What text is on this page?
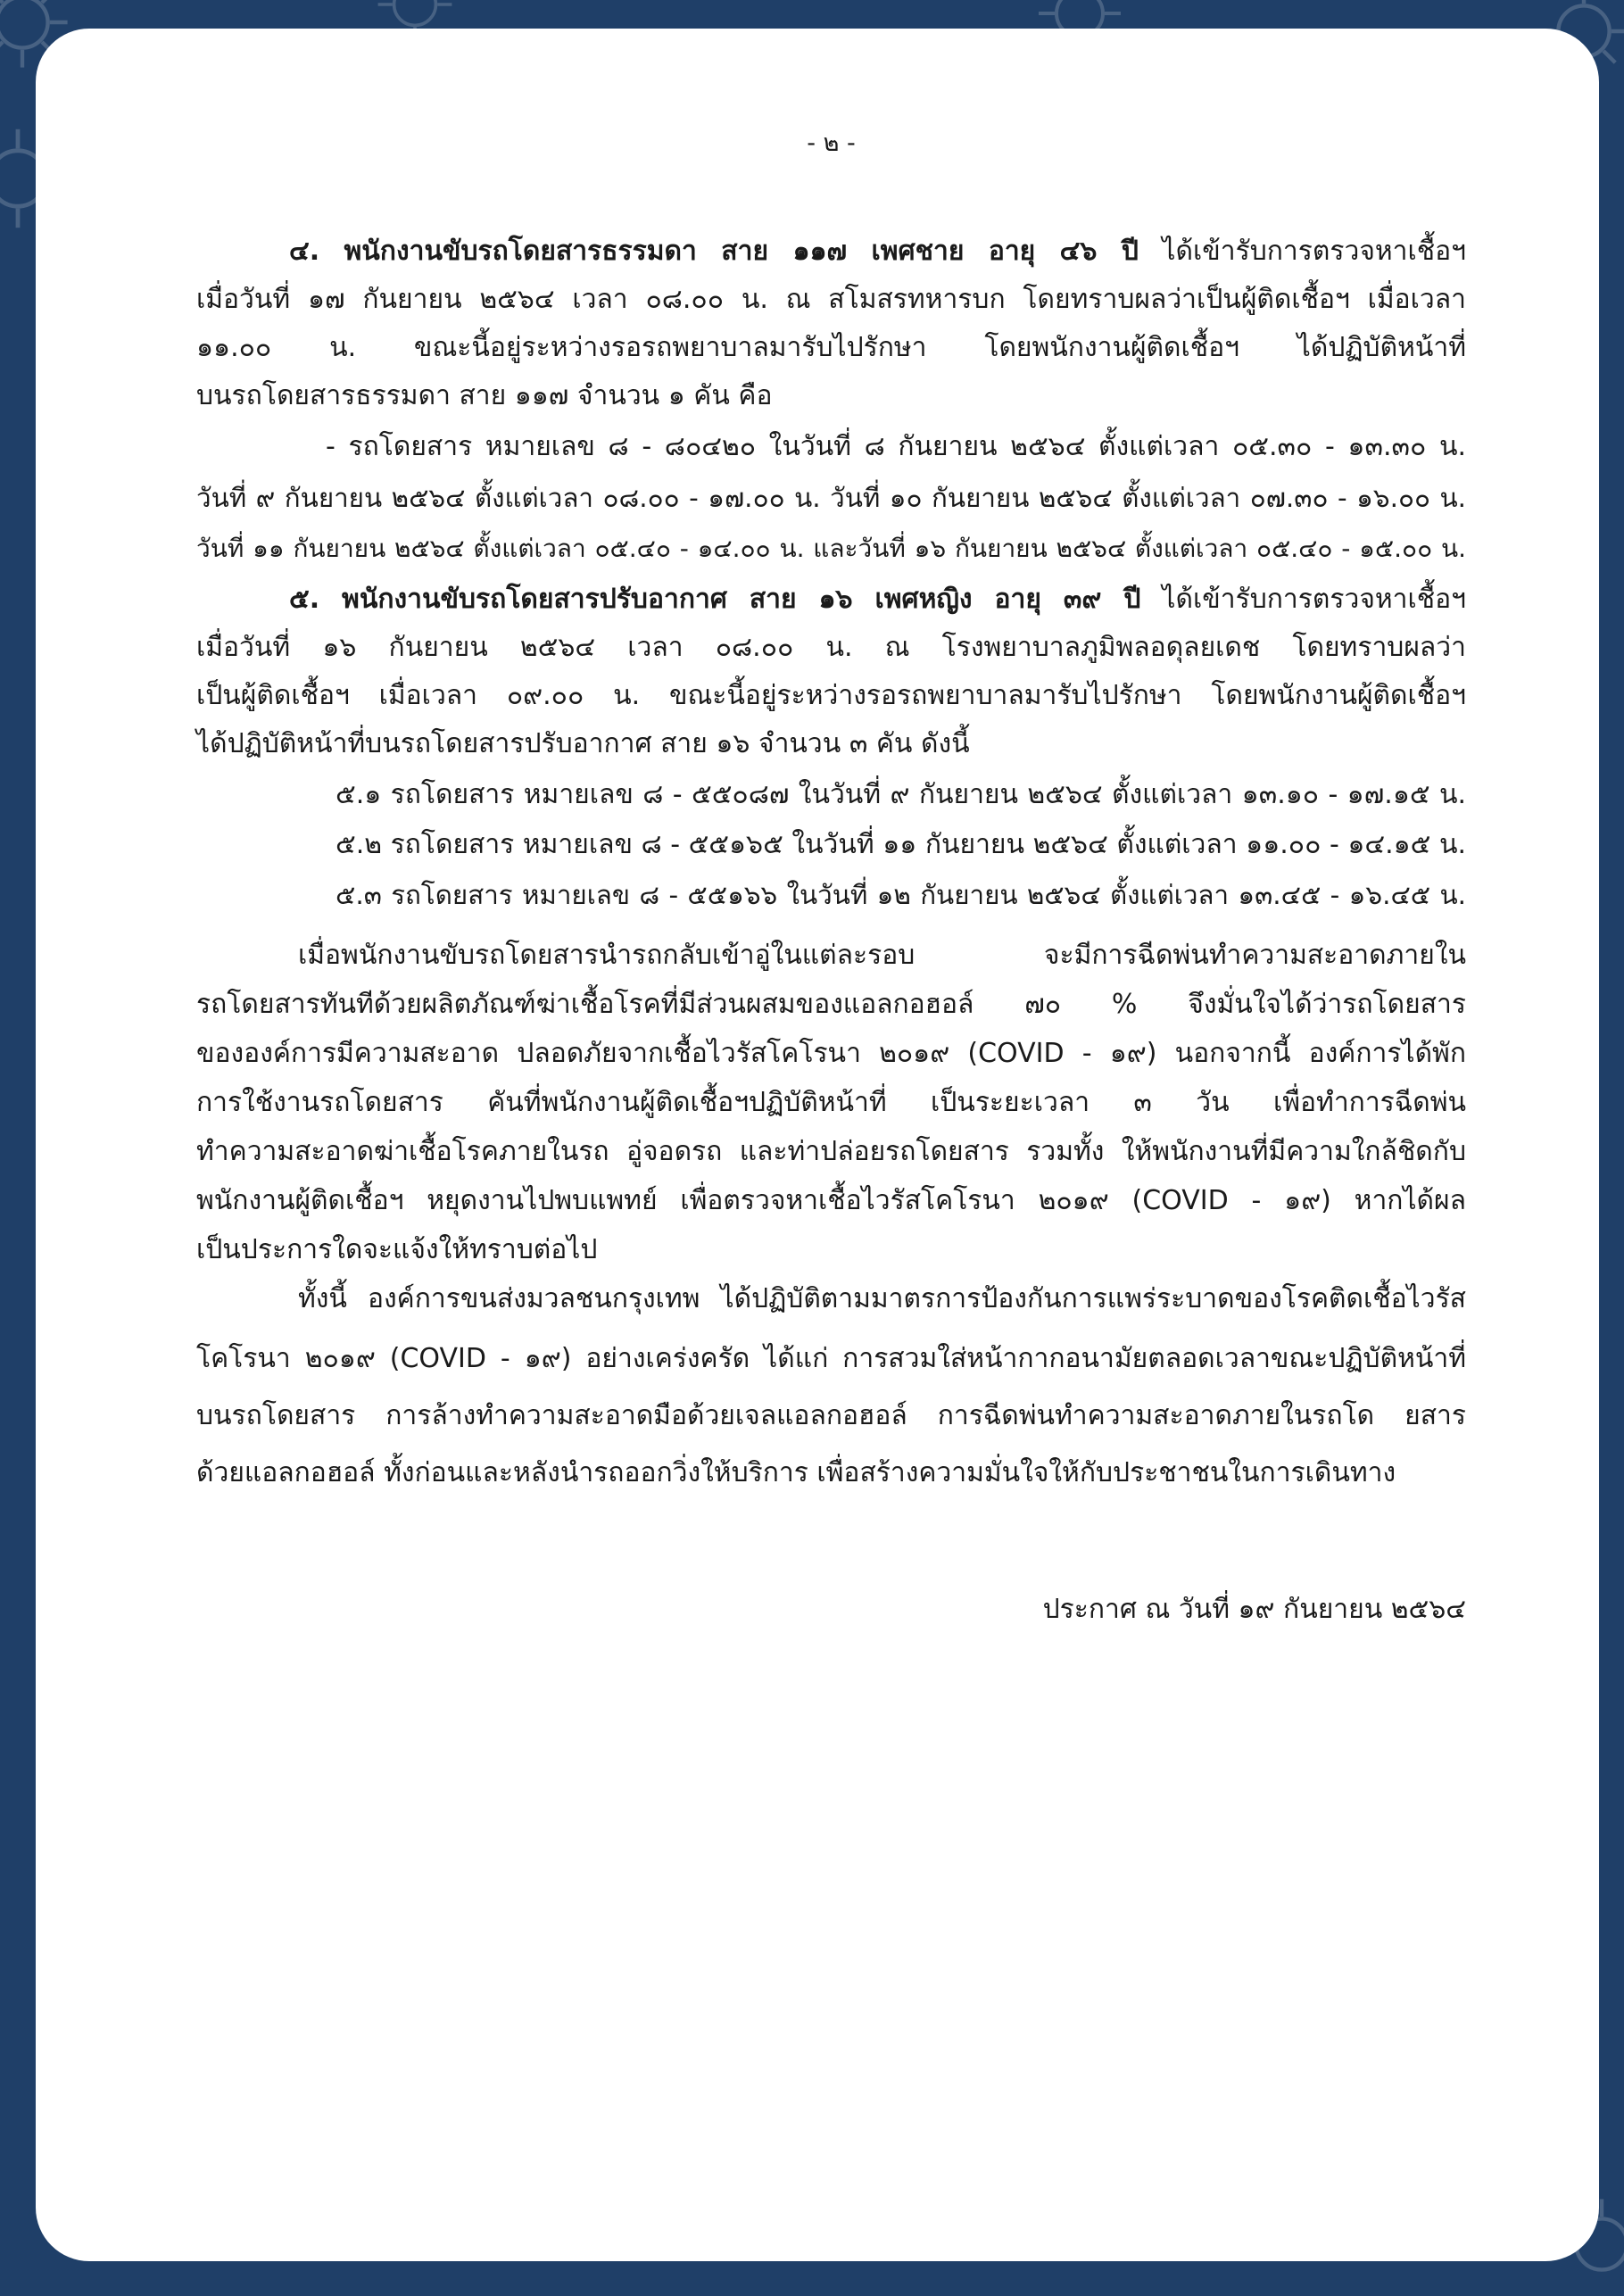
- ๒ -
๔. พนักงานขับรถโดยสารธรรมดา สาย ๑๑๗ เพศชาย อายุ ๔๖ ปี ได้เข้ารับการตรวจหาเชื้อฯ
เมื่อวันที่ ๑๗ กันยายน ๒๕๖๔ เวลา ๐๘.๐๐ น. ณ สโมสรทหารบก โดยทราบผลว่าเป็นผู้ติดเชื้อฯ เมื่อเวลา
๑๑.๐๐ น. ขณะนี้อยู่ระหว่างรอรถพยาบาลมารับไปรักษา โดยพนักงานผู้ติดเชื้อฯ ได้ปฏิบัติหน้าที่
บนรถโดยสารธรรมดา สาย ๑๑๗ จำนวน ๑ คัน คือ
- รถโดยสาร หมายเลข ๘ - ๘๐๔๒๐ ในวันที่ ๘ กันยายน ๒๕๖๔ ตั้งแต่เวลา ๐๕.๓๐ - ๑๓.๓๐ น.
วันที่ ๙ กันยายน ๒๕๖๔ ตั้งแต่เวลา ๐๘.๐๐ - ๑๗.๐๐ น. วันที่ ๑๐ กันยายน ๒๕๖๔ ตั้งแต่เวลา ๐๗.๓๐ - ๑๖.๐๐ น.
วันที่ ๑๑ กันยายน ๒๕๖๔ ตั้งแต่เวลา ๐๕.๔๐ - ๑๔.๐๐ น. และวันที่ ๑๖ กันยายน ๒๕๖๔ ตั้งแต่เวลา ๐๕.๔๐ - ๑๕.๐๐ น.
๕. พนักงานขับรถโดยสารปรับอากาศ สาย ๑๖ เพศหญิง อายุ ๓๙ ปี ได้เข้ารับการตรวจหาเชื้อฯ
เมื่อวันที่ ๑๖ กันยายน ๒๕๖๔ เวลา ๐๘.๐๐ น. ณ โรงพยาบาลภูมิพลอดุลยเดช โดยทราบผลว่า
เป็นผู้ติดเชื้อฯ เมื่อเวลา ๐๙.๐๐ น. ขณะนี้อยู่ระหว่างรอรถพยาบาลมารับไปรักษา โดยพนักงานผู้ติดเชื้อฯ
ได้ปฏิบัติหน้าที่บนรถโดยสารปรับอากาศ สาย ๑๖ จำนวน ๓ คัน ดังนี้
๕.๑ รถโดยสาร หมายเลข ๘ - ๕๕๐๘๗ ในวันที่ ๙ กันยายน ๒๕๖๔ ตั้งแต่เวลา ๑๓.๑๐ - ๑๗.๑๕ น.
๕.๒ รถโดยสาร หมายเลข ๘ - ๕๕๑๖๕ ในวันที่ ๑๑ กันยายน ๒๕๖๔ ตั้งแต่เวลา ๑๑.๐๐ - ๑๔.๑๕ น.
๕.๓ รถโดยสาร หมายเลข ๘ - ๕๕๑๖๖ ในวันที่ ๑๒ กันยายน ๒๕๖๔ ตั้งแต่เวลา ๑๓.๔๕ - ๑๖.๔๕ น.
เมื่อพนักงานขับรถโดยสารนำรถกลับเข้าอู่ในแต่ละรอบ จะมีการฉีดพ่นทำความสะอาดภายใน
รถโดยสารทันทีด้วยผลิตภัณฑ์ฆ่าเชื้อโรคที่มีส่วนผสมของแอลกอฮอล์ ๗๐ % จึงมั่นใจได้ว่ารถโดยสาร
ขององค์การมีความสะอาด ปลอดภัยจากเชื้อไวรัสโคโรนา ๒๐๑๙ (COVID - ๑๙) นอกจากนี้ องค์การได้พัก
การใช้งานรถโดยสาร คันที่พนักงานผู้ติดเชื้อฯปฏิบัติหน้าที่ เป็นระยะเวลา ๓ วัน เพื่อทำการฉีดพ่น
ทำความสะอาดฆ่าเชื้อโรคภายในรถ อู่จอดรถ และท่าปล่อยรถโดยสาร รวมทั้ง ให้พนักงานที่มีความใกล้ชิดกับ
พนักงานผู้ติดเชื้อฯ หยุดงานไปพบแพทย์ เพื่อตรวจหาเชื้อไวรัสโคโรนา ๒๐๑๙ (COVID - ๑๙) หากได้ผล
เป็นประการใดจะแจ้งให้ทราบต่อไป
ทั้งนี้ องค์การขนส่งมวลชนกรุงเทพ ได้ปฏิบัติตามมาตรการป้องกันการแพร่ระบาดของโรคติดเชื้อไวรัส
โคโรนา ๒๐๑๙ (COVID - ๑๙) อย่างเคร่งครัด ได้แก่ การสวมใส่หน้ากากอนามัยตลอดเวลาขณะปฏิบัติหน้าที่
บนรถโดยสาร การล้างทำความสะอาดมือด้วยเจลแอลกอฮอล์ การฉีดพ่นทำความสะอาดภายในรถโด ยสาร
ด้วยแอลกอฮอล์ ทั้งก่อนและหลังนำรถออกวิ่งให้บริการ เพื่อสร้างความมั่นใจให้กับประชาชนในการเดินทาง
ประกาศ ณ วันที่ ๑๙ กันยายน ๒๕๖๔
